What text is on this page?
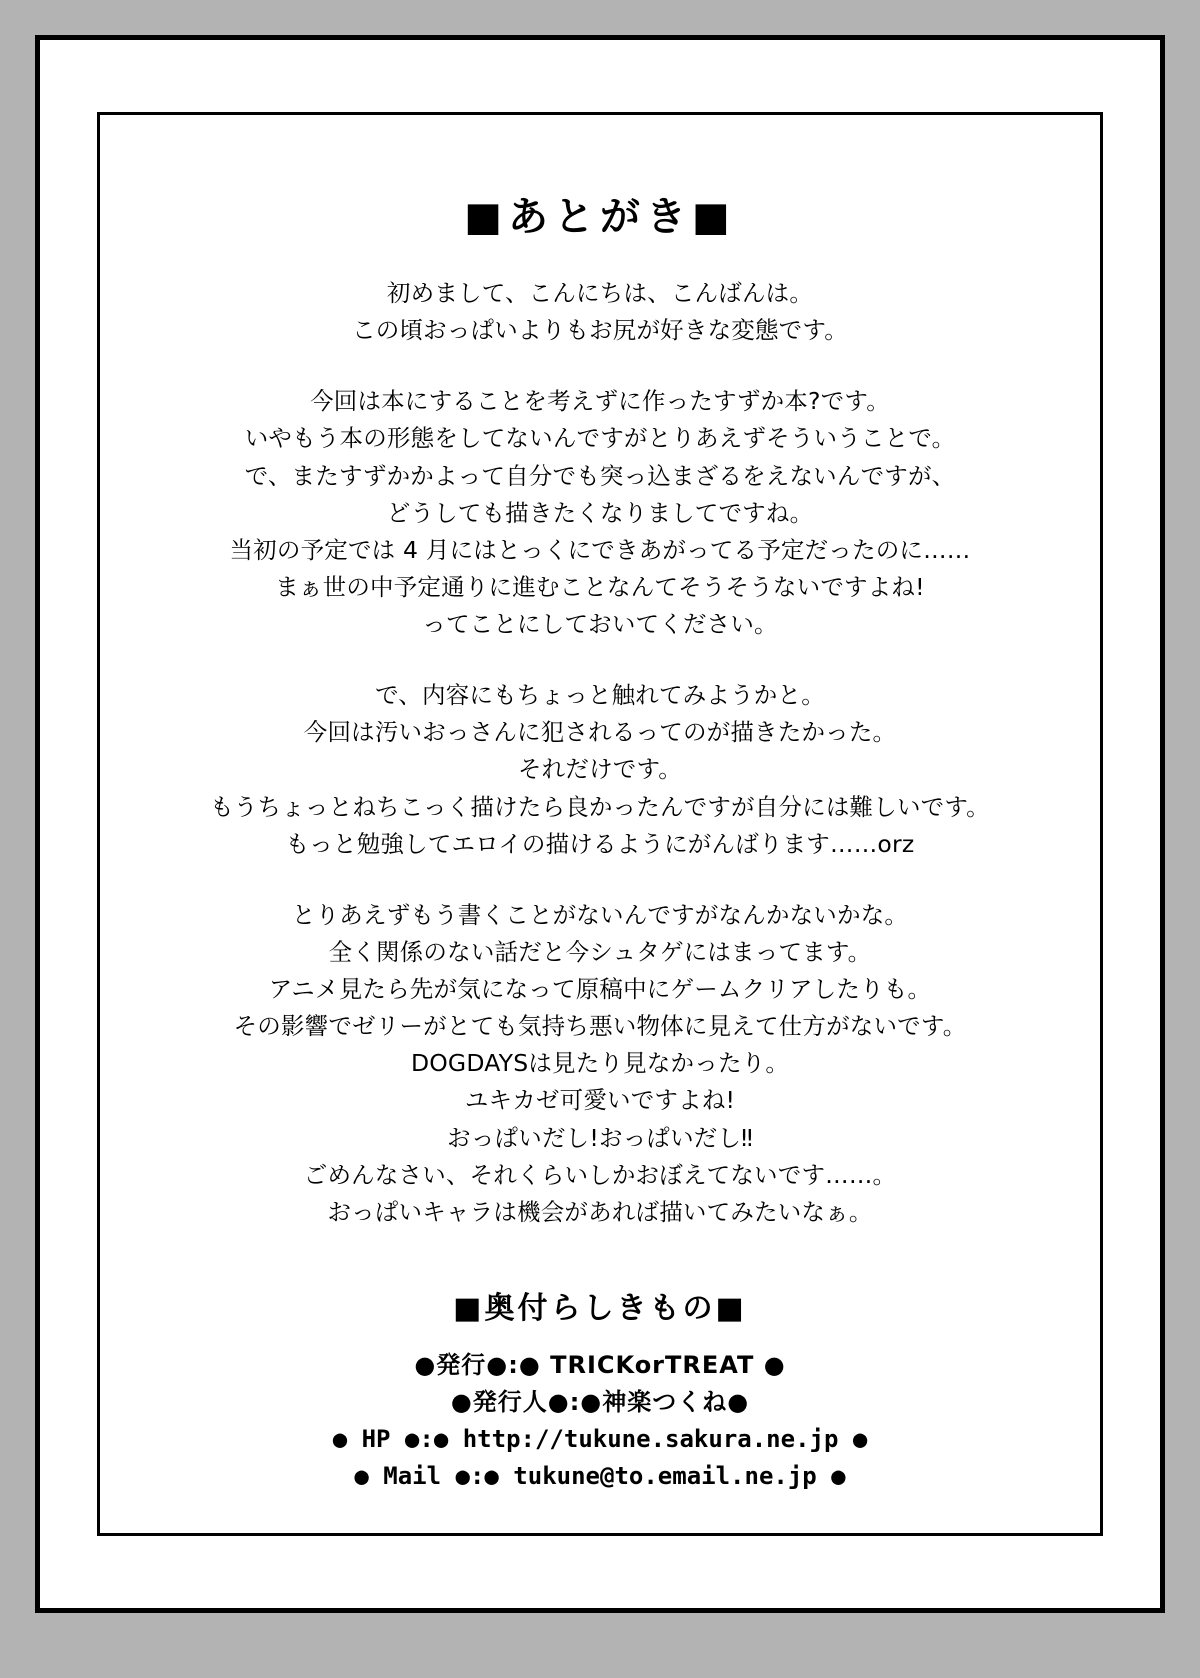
■あとがき■
初めまして、こんにちは、こんばんは。
この頃おっぱいよりもお尻が好きな変態です。
今回は本にすることを考えずに作ったすずか本?です。
いやもう本の形態をしてないんですがとりあえずそういうことで。
で、またすずかかよって自分でも突っ込まざるをえないんですが、
どうしても描きたくなりましてですね。
当初の予定では 4 月にはとっくにできあがってる予定だったのに……
まぁ世の中予定通りに進むことなんてそうそうないですよね!
ってことにしておいてください。
で、内容にもちょっと触れてみようかと。
今回は汚いおっさんに犯されるってのが描きたかった。
それだけです。
もうちょっとねちこっく描けたら良かったんですが自分には難しいです。
もっと勉強してエロイの描けるようにがんばります……orz
とりあえずもう書くことがないんですがなんかないかな。
全く関係のない話だと今シュタゲにはまってます。
アニメ見たら先が気になって原稿中にゲームクリアしたりも。
その影響でゼリーがとても気持ち悪い物体に見えて仕方がないです。
DOGDAYSは見たり見なかったり。
ユキカゼ可愛いですよね!
おっぱいだし!おっぱいだし‼
ごめんなさい、それくらいしかおぼえてないです……。
おっぱいキャラは機会があれば描いてみたいなぁ。
■奥付らしきもの■
●発行●:● TRICKorTREAT ●
●発行人●:●神楽つくね●
● HP ●:● http://tukune.sakura.ne.jp ●
● Mail ●:● tukune@to.email.ne.jp ●
